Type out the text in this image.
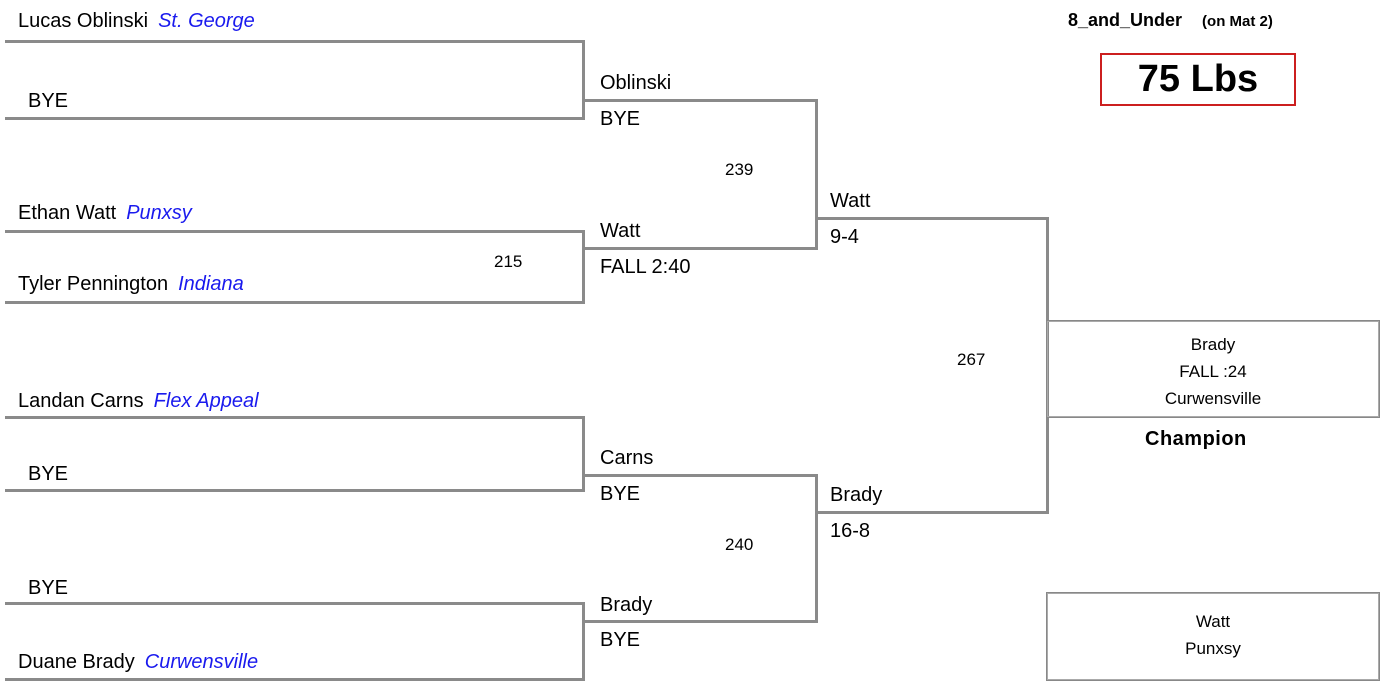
8_and_Under (on Mat 2)
75 Lbs
Lucas Oblinski St. George
BYE
Ethan Watt Punxsy
215
Tyler Pennington Indiana
Landan Carns Flex Appeal
BYE
BYE
Duane Brady Curwensville
Oblinski
BYE
239
Watt
FALL 2:40
Carns
BYE
240
Brady
BYE
Watt
9-4
Brady
16-8
267
Brady
FALL :24
Curwensville
Champion
Watt
Punxsy
